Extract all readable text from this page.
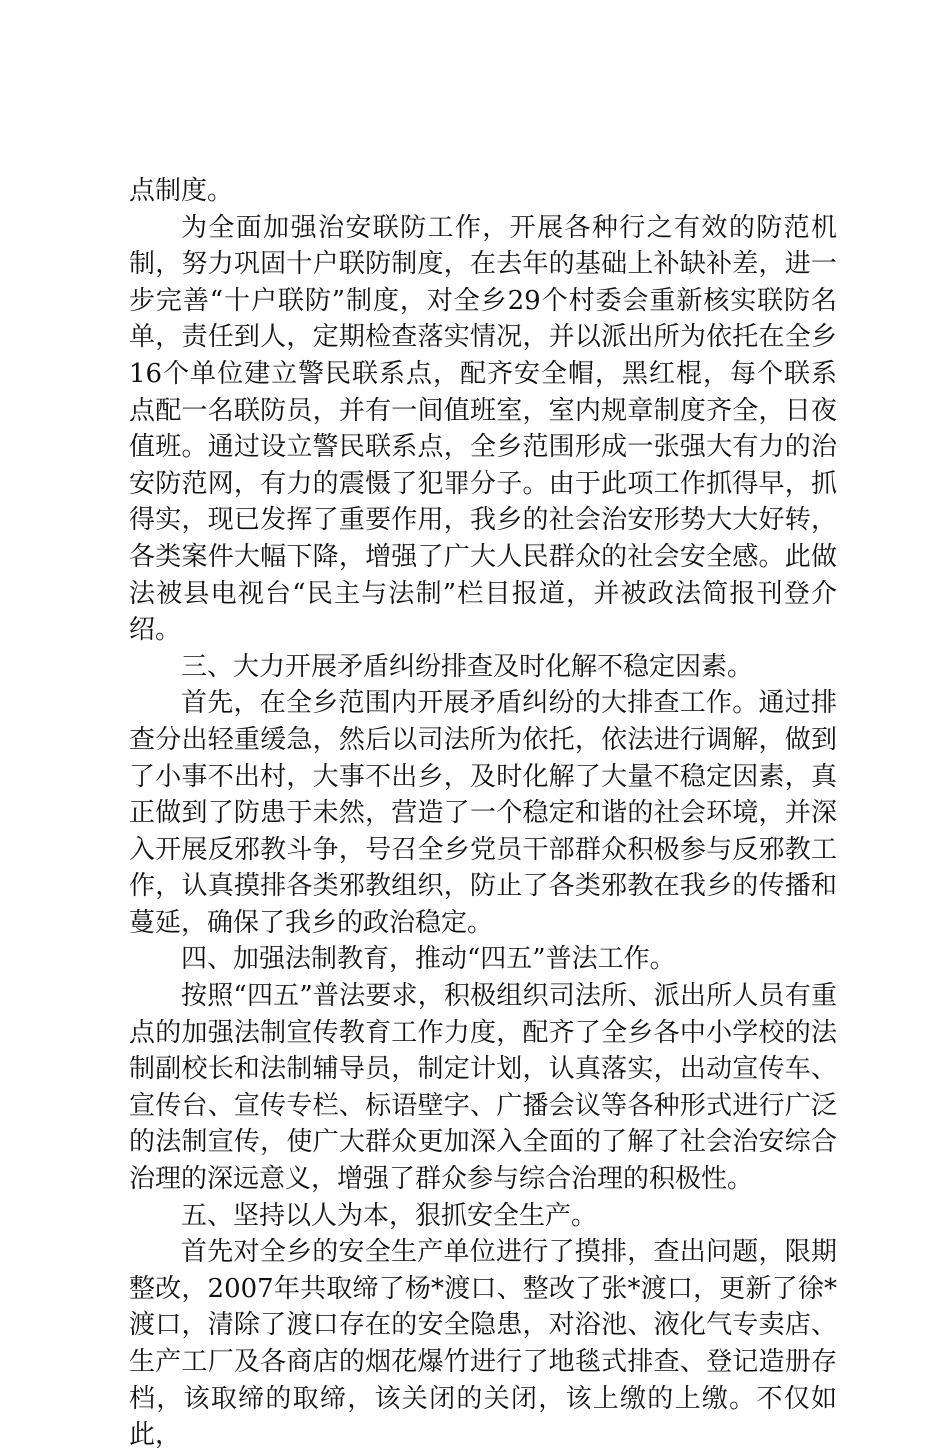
点制度。

为全面加强治安联防工作，开展各种行之有效的防范机制，努力巩固十户联防制度，在去年的基础上补缺补差，进一步完善“十户联防”制度，对全乡29个村委会重新核实联防名单，责任到人，定期检查落实情况，并以派出所为依托在全乡16个单位建立警民联系点，配齐安全帽，黑红棍，每个联系点配一名联防员，并有一间值班室，室内规章制度齐全，日夜值班。通过设立警民联系点，全乡范围形成一张强大有力的治安防范网，有力的震慑了犯罪分子。由于此项工作抓得早，抓得实，现已发挥了重要作用，我乡的社会治安形势大大好转，各类案件大幅下降，增强了广大人民群众的社会安全感。此做法被县电视台“民主与法制”栏目报道，并被政法简报刊登介绍。

三、大力开展矛盾纠纷排查及时化解不稳定因素。

首先，在全乡范围内开展矛盾纠纷的大排查工作。通过排查分出轻重缓急，然后以司法所为依托，依法进行调解，做到了小事不出村，大事不出乡，及时化解了大量不稳定因素，真正做到了防患于未然，营造了一个稳定和谐的社会环境，并深入开展反邪教斗争，号召全乡党员干部群众积极参与反邪教工作，认真摸排各类邪教组织，防止了各类邪教在我乡的传播和蔓延，确保了我乡的政治稳定。

四、加强法制教育，推动“四五”普法工作。

按照“四五”普法要求，积极组织司法所、派出所人员有重点的加强法制宣传教育工作力度，配齐了全乡各中小学校的法制副校长和法制辅导员，制定计划，认真落实，出动宣传车、宣传台、宣传专栏、标语壁字、广播会议等各种形式进行广泛的法制宣传，使广大群众更加深入全面的了解了社会治安综合治理的深远意义，增强了群众参与综合治理的积极性。

五、坚持以人为本，狠抓安全生产。

首先对全乡的安全生产单位进行了摸排，查出问题，限期整改，2007年共取缔了杨*渡口、整改了张*渡口，更新了徐*渡口，清除了渡口存在的安全隐患，对浴池、液化气专卖店、生产工厂及各商店的烟花爆竹进行了地毯式排查、登记造册存档，该取缔的取缔，该关闭的关闭，该上缴的上缴。不仅如此，
